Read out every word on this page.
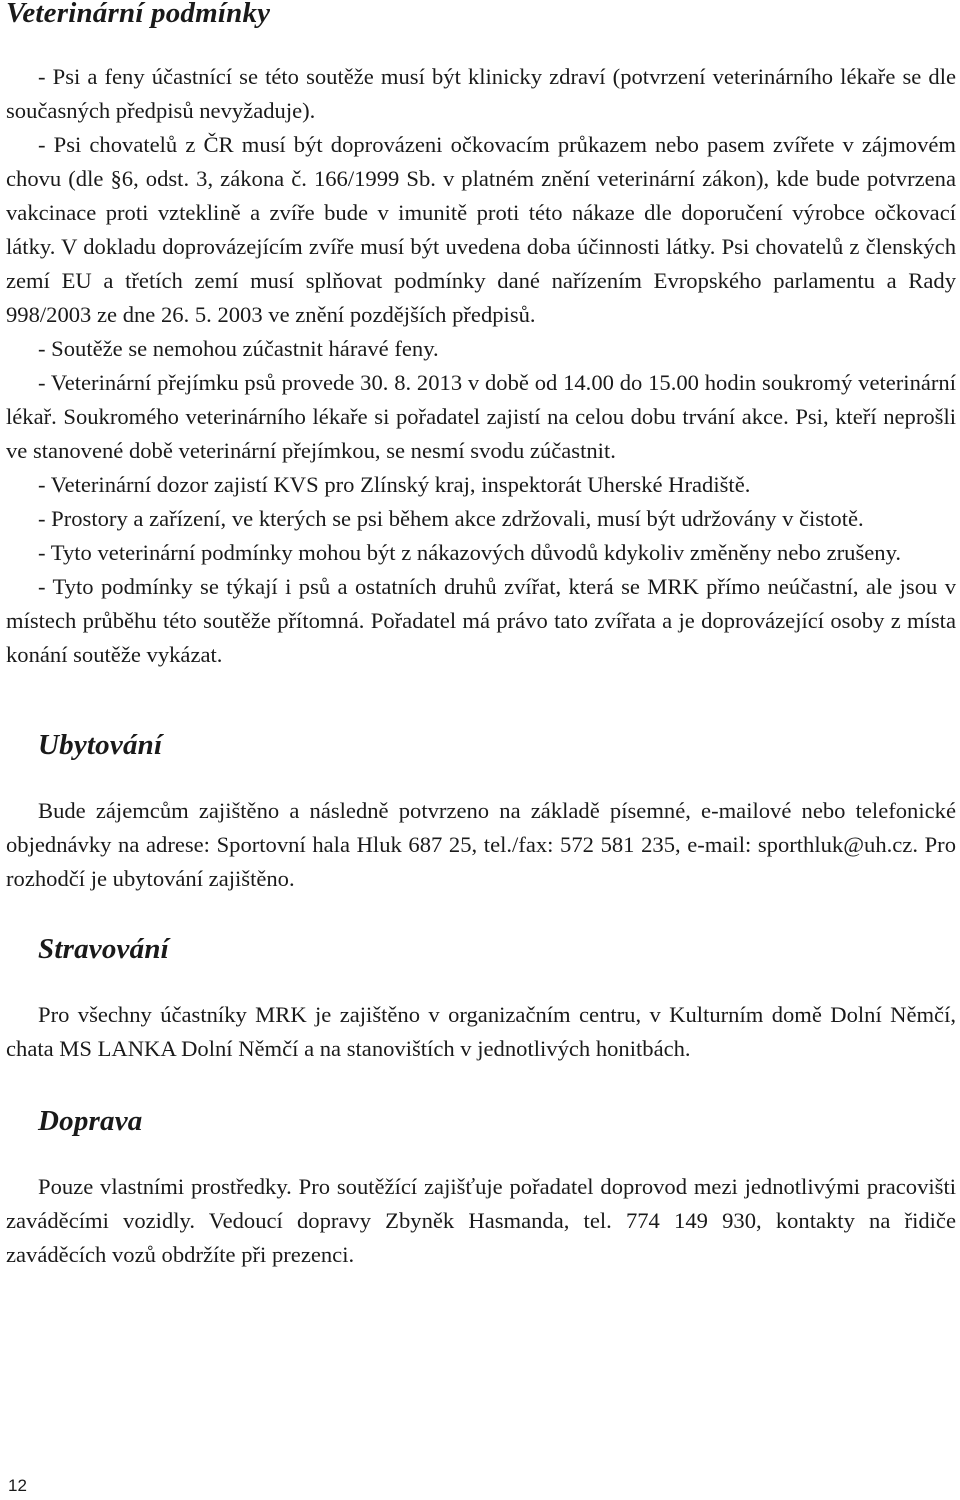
Veterinární podmínky

- Psi a feny účastnící se této soutěže musí být klinicky zdraví (potvrzení veterinárního lékaře se dle současných předpisů nevyžaduje).

- Psi chovatelů z ČR musí být doprovázeni očkovacím průkazem nebo pasem zvířete v zájmovém chovu (dle §6, odst. 3, zákona č. 166/1999 Sb. v platném znění veterinární zákon), kde bude potvrzena vakcinace proti vzteklině a zvíře bude v imunitě proti této nákaze dle doporučení výrobce očkovací látky. V dokladu doprovázejícím zvíře musí být uvedena doba účinnosti látky. Psi chovatelů z členských zemí EU a třetích zemí musí splňovat podmínky dané nařízením Evropského parlamentu a Rady 998/2003 ze dne 26. 5. 2003 ve znění pozdějších předpisů.

- Soutěže se nemohou zúčastnit háravé feny.

- Veterinární přejímku psů provede 30. 8. 2013 v době od 14.00 do 15.00 hodin soukromý veterinární lékař. Soukromého veterinárního lékaře si pořadatel zajistí na celou dobu trvání akce. Psi, kteří neprošli ve stanovené době veterinární přejímkou, se nesmí svodu zúčastnit.

- Veterinární dozor zajistí KVS pro Zlínský kraj, inspektorát Uherské Hradiště.

- Prostory a zařízení, ve kterých se psi během akce zdržovali, musí být udržovány v čistotě.

- Tyto veterinární podmínky mohou být z nákazových důvodů kdykoliv změněny nebo zrušeny.

- Tyto podmínky se týkají i psů a ostatních druhů zvířat, která se MRK přímo neúčastní, ale jsou v místech průběhu této soutěže přítomná. Pořadatel má právo tato zvířata a je doprovázející osoby z místa konání soutěže vykázat.

Ubytování

Bude zájemcům zajištěno a následně potvrzeno na základě písemné, e-mailové nebo telefonické objednávky na adrese: Sportovní hala Hluk 687 25, tel./fax: 572 581 235, e-mail: sporthluk@uh.cz. Pro rozhodčí je ubytování zajištěno.

Stravování

Pro všechny účastníky MRK je zajištěno v organizačním centru, v Kulturním domě Dolní Němčí, chata MS LANKA Dolní Němčí a na stanovištích v jednotlivých honitbách.

Doprava

Pouze vlastními prostředky. Pro soutěžící zajišťuje pořadatel doprovod mezi jednotlivými pracovišti zaváděcími vozidly. Vedoucí dopravy Zbyněk Hasmanda, tel. 774 149 930, kontakty na řidiče zaváděcích vozů obdržíte při prezenci.

12
